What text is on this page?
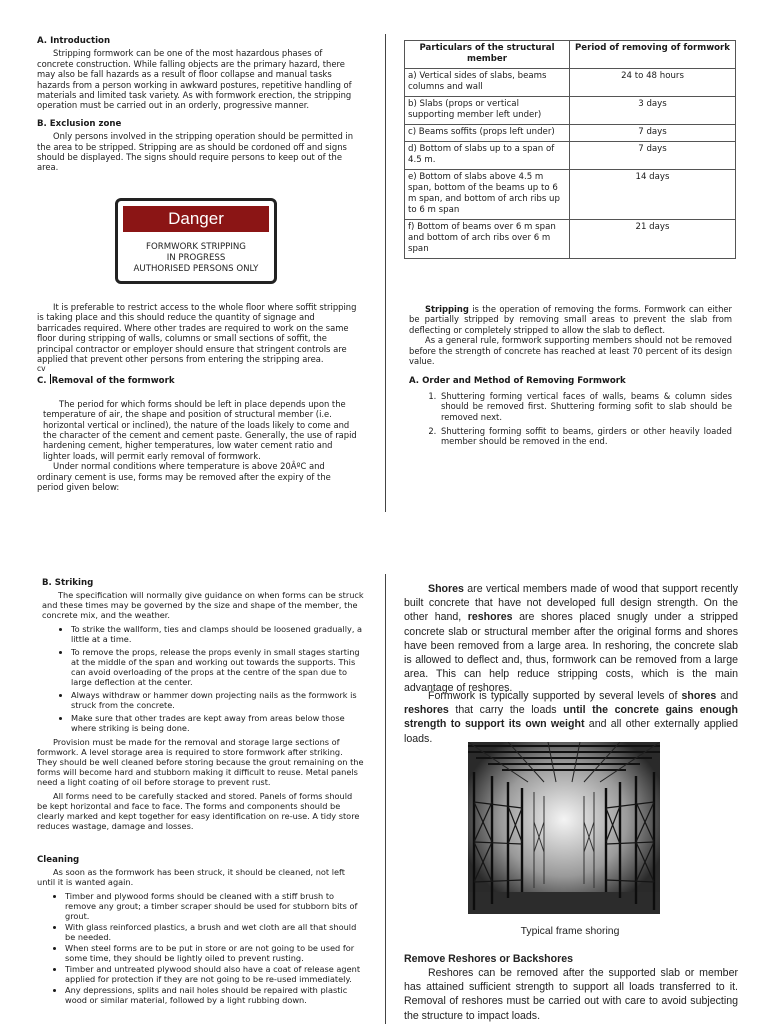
A. Introduction
Stripping formwork can be one of the most hazardous phases of concrete construction. While falling objects are the primary hazard, there may also be fall hazards as a result of floor collapse and manual tasks hazards from a person working in awkward postures, repetitive handling of materials and limited task variety. As with formwork erection, the stripping operation must be carried out in an orderly, progressive manner.
B. Exclusion zone
Only persons involved in the stripping operation should be permitted in the area to be stripped. Stripping are as should be cordoned off and signs should be displayed. The signs should require persons to keep out of the area.
Danger
FORMWORK STRIPPING
IN PROGRESS
AUTHORISED PERSONS ONLY
It is preferable to restrict access to the whole floor where soffit stripping is taking place and this should reduce the quantity of signage and barricades required. Where other trades are required to work on the same floor during stripping of walls, columns or small sections of soffit, the principal contractor or employer should ensure that stringent controls are applied that prevent other persons from entering the stripping area.
cv
C. Removal of the formwork
The period for which forms should be left in place depends upon the temperature of air, the shape and position of structural member (i.e. horizontal vertical or inclined), the nature of the loads likely to come and the character of the cement and cement paste. Generally, the use of rapid hardening cement, higher temperatures, low water cement ratio and lighter loads, will permit early removal of formwork.
Under normal conditions where temperature is above 20ÂºC and ordinary cement is use, forms may be removed after the expiry of the period given below:
Particulars of the structural member	Period of removing of formwork
a) Vertical sides of slabs, beams columns and wall	24 to 48 hours
b) Slabs (props or vertical supporting member left under)	3 days
c) Beams soffits (props left under)	7 days
d) Bottom of slabs up to a span of 4.5 m.	7 days
e) Bottom of slabs above 4.5 m span, bottom of the beams up to 6 m span, and bottom of arch ribs up to 6 m span	14 days
f) Bottom of beams over 6 m span and bottom of arch ribs over 6 m span	21 days
Stripping is the operation of removing the forms. Formwork can either be partially stripped by removing small areas to prevent the slab from deflecting or completely stripped to allow the slab to deflect.
As a general rule, formwork supporting members should not be removed before the strength of concrete has reached at least 70 percent of its design value.
A. Order and Method of Removing Formwork
1. Shuttering forming vertical faces of walls, beams & column sides should be removed first. Shuttering forming sofit to slab should be removed next.
2. Shuttering forming soffit to beams, girders or other heavily loaded member should be removed in the end.
B. Striking
The specification will normally give guidance on when forms can be struck and these times may be governed by the size and shape of the member, the concrete mix, and the weather.
• To strike the wallform, ties and clamps should be loosened gradually, a little at a time.
• To remove the props, release the props evenly in small stages starting at the middle of the span and working out towards the supports. This can avoid overloading of the props at the centre of the span due to large deflection at the center.
• Always withdraw or hammer down projecting nails as the formwork is struck from the concrete.
• Make sure that other trades are kept away from areas below those where striking is being done.
Provision must be made for the removal and storage large sections of formwork. A level storage area is required to store formwork after striking. They should be well cleaned before storing because the grout remaining on the forms will become hard and stubborn making it difficult to reuse. Metal panels need a light coating of oil before storage to prevent rust.
All forms need to be carefully stacked and stored. Panels of forms should be kept horizontal and face to face. The forms and components should be clearly marked and kept together for easy identification on re-use. A tidy store reduces wastage, damage and losses.
Cleaning
As soon as the formwork has been struck, it should be cleaned, not left until it is wanted again.
• Timber and plywood forms should be cleaned with a stiff brush to remove any grout; a timber scraper should be used for stubborn bits of grout.
• With glass reinforced plastics, a brush and wet cloth are all that should be needed.
• When steel forms are to be put in store or are not going to be used for some time, they should be lightly oiled to prevent rusting.
• Timber and untreated plywood should also have a coat of release agent applied for protection if they are not going to be re-used immediately.
• Any depressions, splits and nail holes should be repaired with plastic wood or similar material, followed by a light rubbing down.
Shores are vertical members made of wood that support recently built concrete that have not developed full design strength. On the other hand, reshores are shores placed snugly under a stripped concrete slab or structural member after the original forms and shores have been removed from a large area. In reshoring, the concrete slab is allowed to deflect and, thus, formwork can be removed from a large area. This can help reduce stripping costs, which is the main advantage of reshores.
Formwork is typically supported by several levels of shores and reshores that carry the loads until the concrete gains enough strength to support its own weight and all other externally applied loads.
Typical frame shoring
Remove Reshores or Backshores
Reshores can be removed after the supported slab or member has attained sufficient strength to support all loads transferred to it. Removal of reshores must be carried out with care to avoid subjecting the structure to impact loads.
